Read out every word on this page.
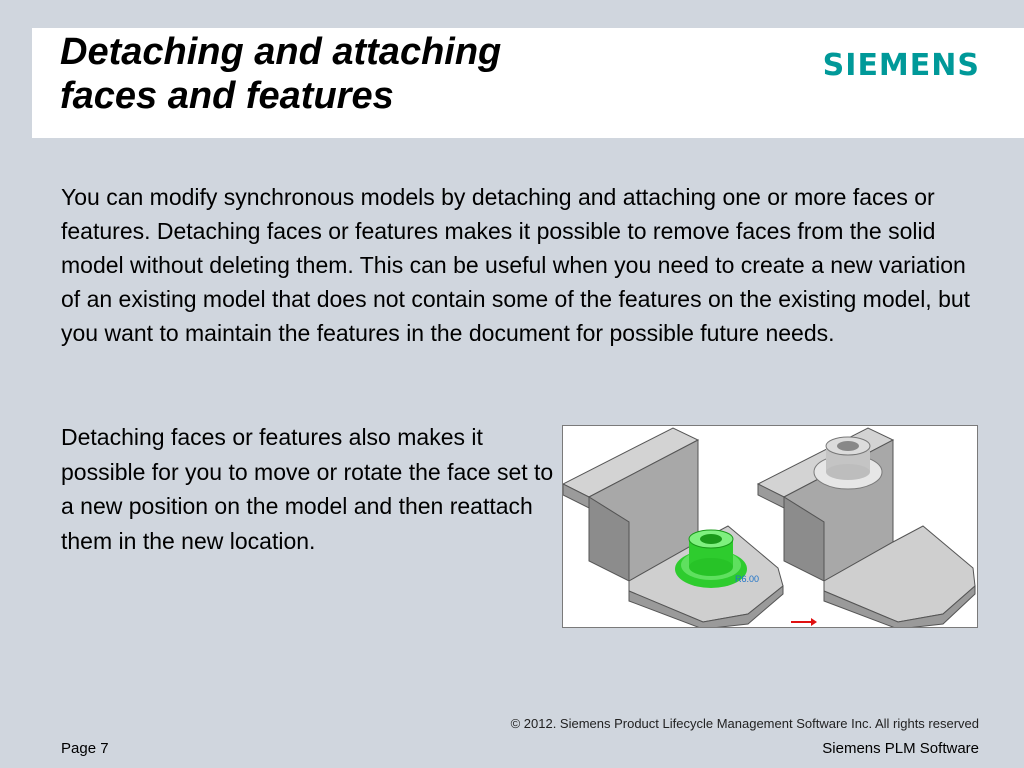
Detaching and attaching
faces and features
SIEMENS

You can modify synchronous models by detaching and attaching one or more faces or features. Detaching faces or features makes it possible to remove faces from the solid model without deleting them. This can be useful when you need to create a new variation of an existing model that does not contain some of the features on the existing model, but you want to maintain the features in the document for possible future needs.

Detaching faces or features also makes it possible for you to move or rotate the face set to a new position on the model and then reattach them in the new location.

R6.00
© 2012. Siemens Product Lifecycle Management Software Inc. All rights reserved
Page 7	Siemens PLM Software
